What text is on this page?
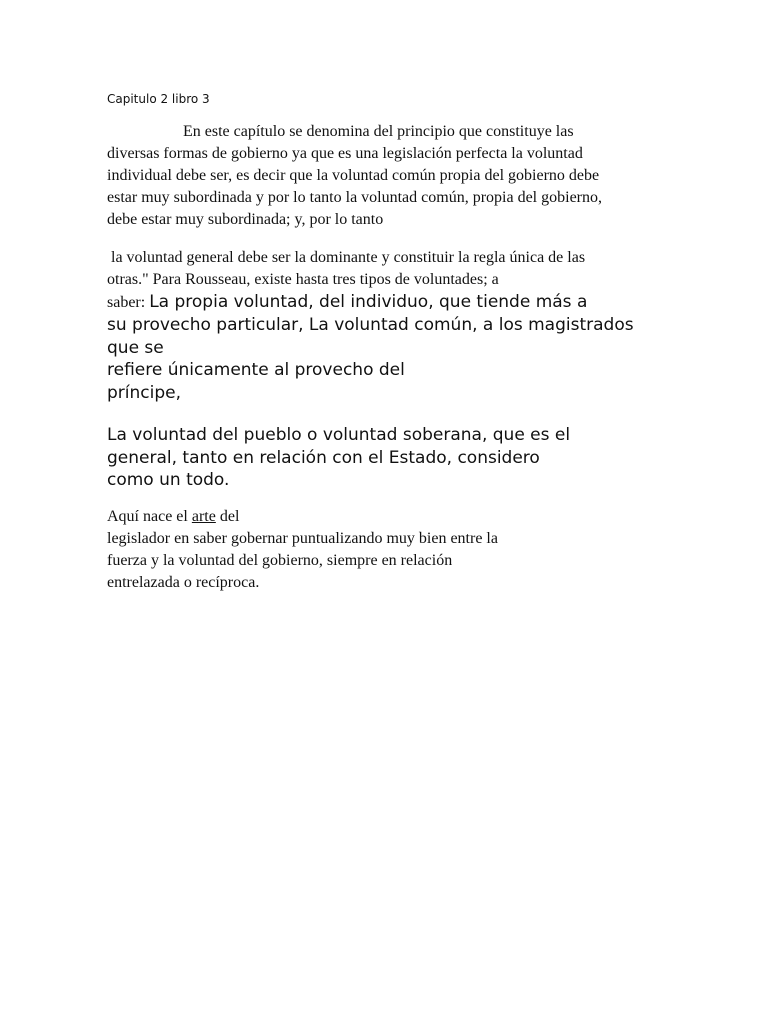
Capitulo 2 libro 3
En este capítulo se denomina del principio que constituye las
diversas formas de gobierno ya que es una legislación perfecta la voluntad
individual debe ser, es decir que la voluntad común propia del gobierno debe
estar muy subordinada y por lo tanto la voluntad común, propia del gobierno,
debe estar muy subordinada; y, por lo tanto
la voluntad general debe ser la dominante y constituir la regla única de las
otras." Para Rousseau, existe hasta tres tipos de voluntades; a
saber: La propia voluntad, del individuo, que tiende más a
su provecho particular, La voluntad común, a los magistrados
que se
refiere únicamente al provecho del
príncipe,
La voluntad del pueblo o voluntad soberana, que es el
general, tanto en relación con el Estado, considero
como un todo.
Aquí nace el arte del
legislador en saber gobernar puntualizando muy bien entre la
fuerza y la voluntad del gobierno, siempre en relación
entrelazada o recíproca.
